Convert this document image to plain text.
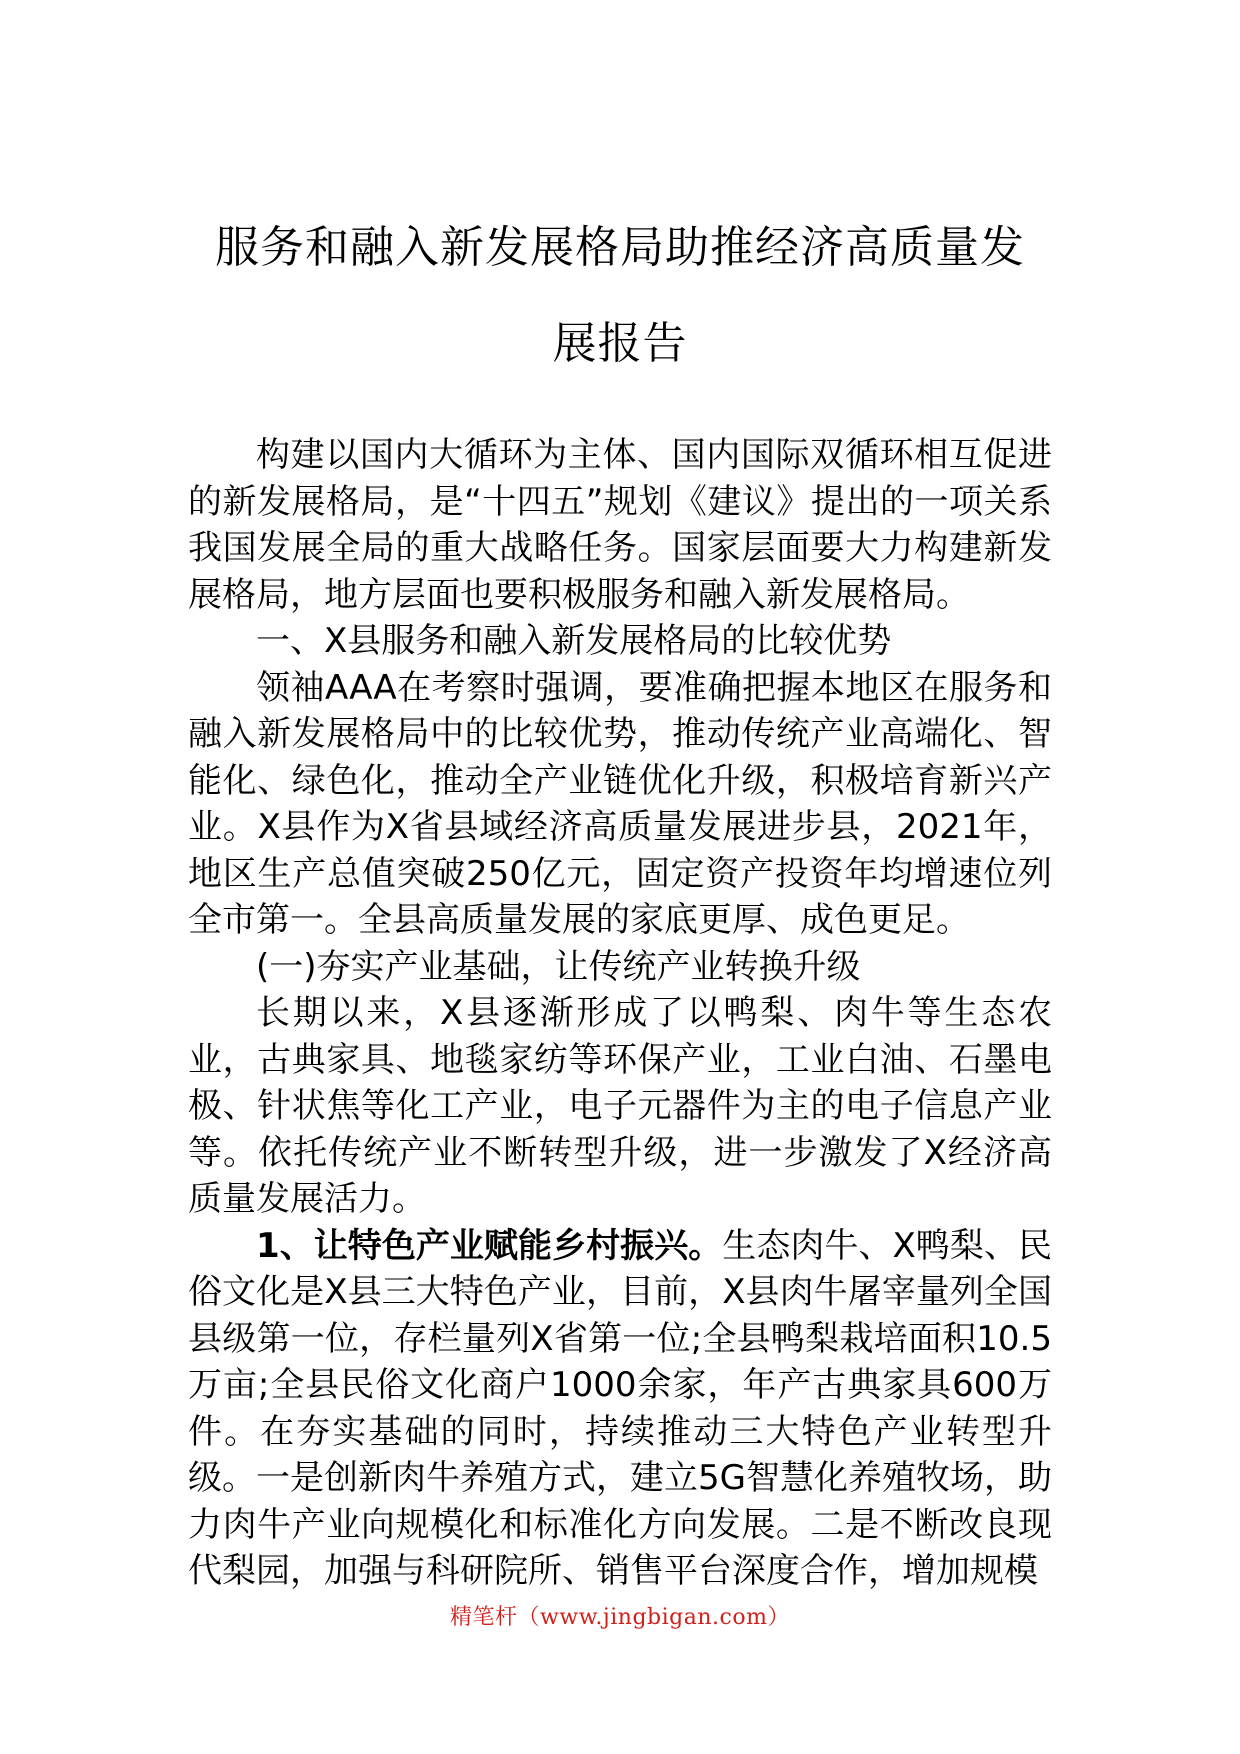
服务和融入新发展格局助推经济高质量发
展报告

构建以国内大循环为主体、国内国际双循环相互促进的新发展格局，是“十四五”规划《建议》提出的一项关系我国发展全局的重大战略任务。国家层面要大力构建新发展格局，地方层面也要积极服务和融入新发展格局。

一、X县服务和融入新发展格局的比较优势

领袖AAA在考察时强调，要准确把握本地区在服务和融入新发展格局中的比较优势，推动传统产业高端化、智能化、绿色化，推动全产业链优化升级，积极培育新兴产业。X县作为X省县域经济高质量发展进步县，2021年，地区生产总值突破250亿元，固定资产投资年均增速位列全市第一。全县高质量发展的家底更厚、成色更足。

(一)夯实产业基础，让传统产业转换升级

长期以来，X县逐渐形成了以鸭梨、肉牛等生态农业，古典家具、地毯家纺等环保产业，工业白油、石墨电极、针状焦等化工产业，电子元器件为主的电子信息产业等。依托传统产业不断转型升级，进一步激发了X经济高质量发展活力。

1、让特色产业赋能乡村振兴。生态肉牛、X鸭梨、民俗文化是X县三大特色产业，目前，X县肉牛屠宰量列全国县级第一位，存栏量列X省第一位;全县鸭梨栽培面积10.5万亩;全县民俗文化商户1000余家，年产古典家具600万件。在夯实基础的同时，持续推动三大特色产业转型升级。一是创新肉牛养殖方式，建立5G智慧化养殖牧场，助力肉牛产业向规模化和标准化方向发展。二是不断改良现代梨园，加强与科研院所、销售平台深度合作，增加规模

精笔杆（www.jingbigan.com）
